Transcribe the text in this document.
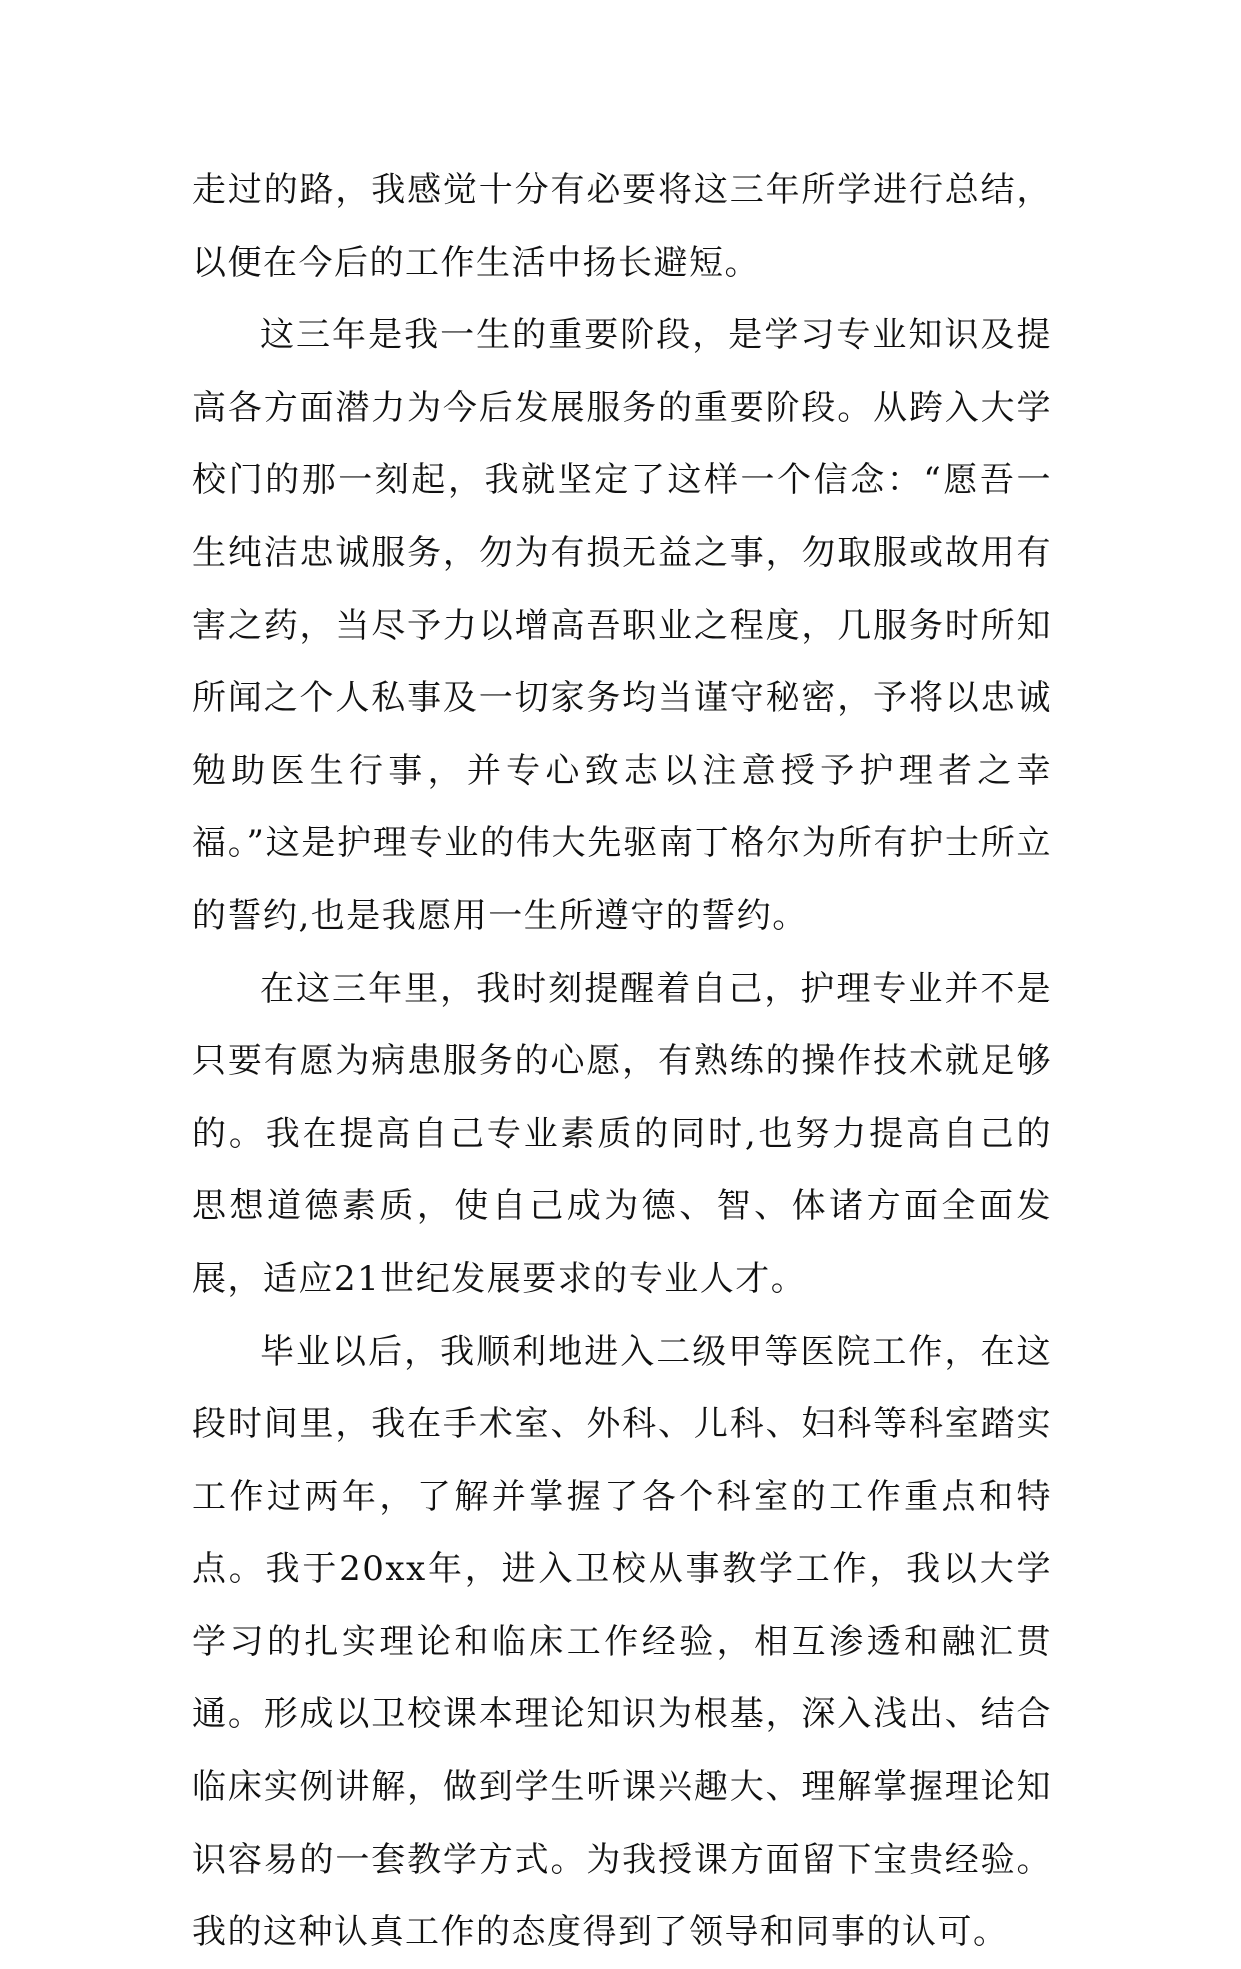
走过的路，我感觉十分有必要将这三年所学进行总结，以便在今后的工作生活中扬长避短。

这三年是我一生的重要阶段，是学习专业知识及提高各方面潜力为今后发展服务的重要阶段。从跨入大学校门的那一刻起，我就坚定了这样一个信念：“愿吾一生纯洁忠诚服务，勿为有损无益之事，勿取服或故用有害之药，当尽予力以增高吾职业之程度，几服务时所知所闻之个人私事及一切家务均当谨守秘密，予将以忠诚勉助医生行事，并专心致志以注意授予护理者之幸福。”这是护理专业的伟大先驱南丁格尔为所有护士所立的誓约,也是我愿用一生所遵守的誓约。

在这三年里，我时刻提醒着自己，护理专业并不是只要有愿为病患服务的心愿，有熟练的操作技术就足够的。我在提高自己专业素质的同时,也努力提高自己的思想道德素质，使自己成为德、智、体诸方面全面发展，适应21世纪发展要求的专业人才。

毕业以后，我顺利地进入二级甲等医院工作，在这段时间里，我在手术室、外科、儿科、妇科等科室踏实工作过两年，了解并掌握了各个科室的工作重点和特点。我于20xx年，进入卫校从事教学工作，我以大学学习的扎实理论和临床工作经验，相互渗透和融汇贯通。形成以卫校课本理论知识为根基，深入浅出、结合临床实例讲解，做到学生听课兴趣大、理解掌握理论知识容易的一套教学方式。为我授课方面留下宝贵经验。我的这种认真工作的态度得到了领导和同事的认可。
